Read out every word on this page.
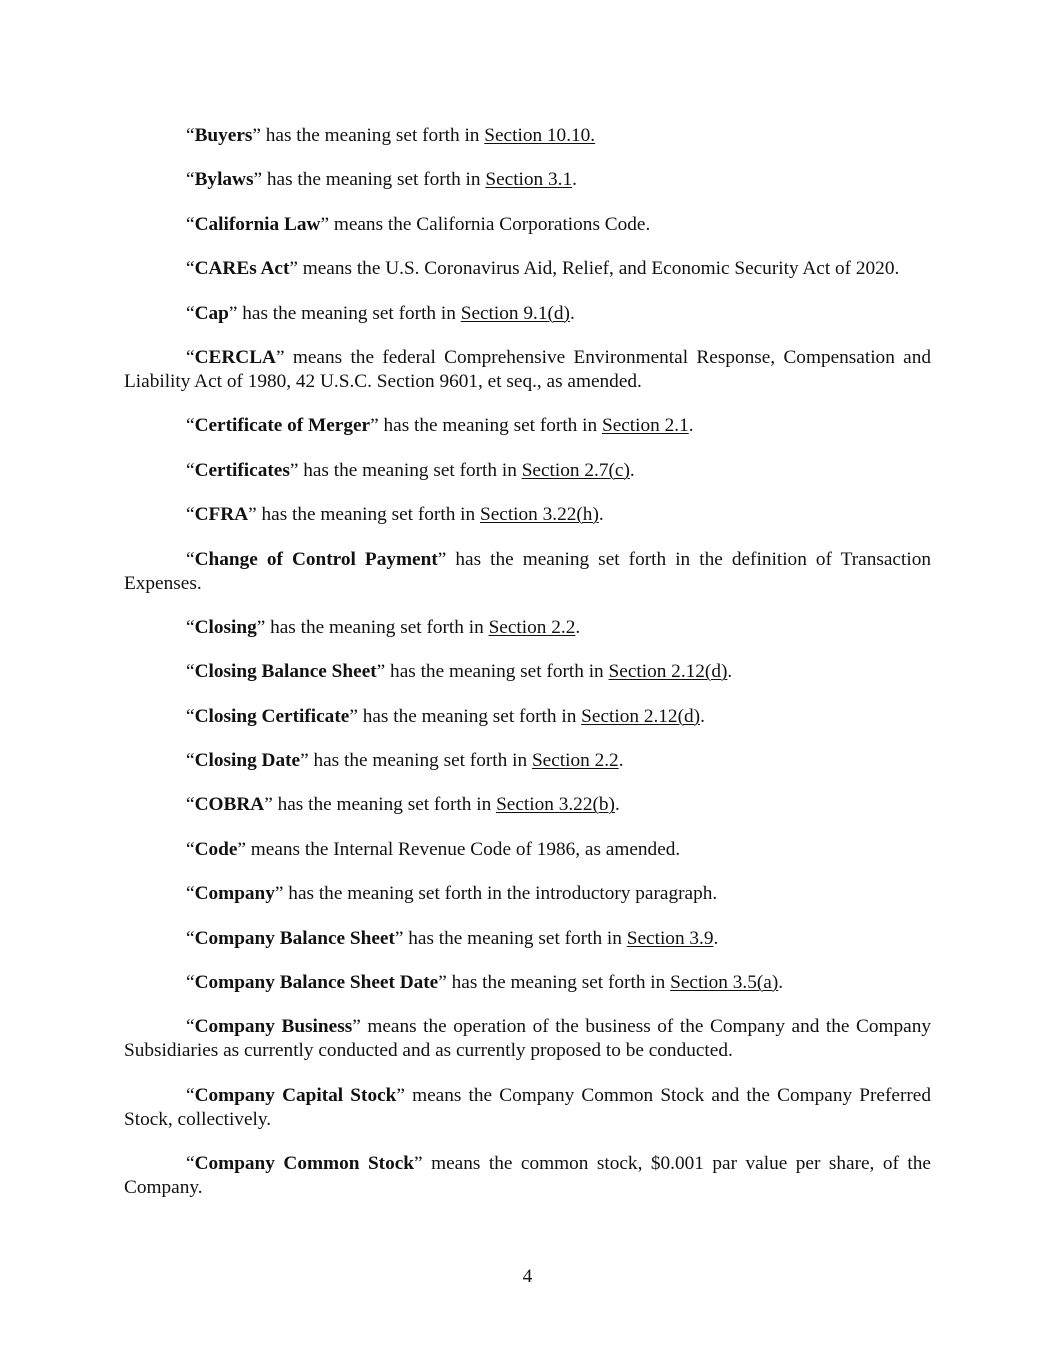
“Buyers” has the meaning set forth in Section 10.10.

“Bylaws” has the meaning set forth in Section 3.1.

“California Law” means the California Corporations Code.

“CAREs Act” means the U.S. Coronavirus Aid, Relief, and Economic Security Act of 2020.

“Cap” has the meaning set forth in Section 9.1(d).

“CERCLA” means the federal Comprehensive Environmental Response, Compensation and Liability Act of 1980, 42 U.S.C. Section 9601, et seq., as amended.

“Certificate of Merger” has the meaning set forth in Section 2.1.

“Certificates” has the meaning set forth in Section 2.7(c).

“CFRA” has the meaning set forth in Section 3.22(h).

“Change of Control Payment” has the meaning set forth in the definition of Transaction Expenses.

“Closing” has the meaning set forth in Section 2.2.

“Closing Balance Sheet” has the meaning set forth in Section 2.12(d).

“Closing Certificate” has the meaning set forth in Section 2.12(d).

“Closing Date” has the meaning set forth in Section 2.2.

“COBRA” has the meaning set forth in Section 3.22(b).

“Code” means the Internal Revenue Code of 1986, as amended.

“Company” has the meaning set forth in the introductory paragraph.

“Company Balance Sheet” has the meaning set forth in Section 3.9.

“Company Balance Sheet Date” has the meaning set forth in Section 3.5(a).

“Company Business” means the operation of the business of the Company and the Company Subsidiaries as currently conducted and as currently proposed to be conducted.

“Company Capital Stock” means the Company Common Stock and the Company Preferred Stock, collectively.

“Company Common Stock” means the common stock, $0.001 par value per share, of the Company.

4
